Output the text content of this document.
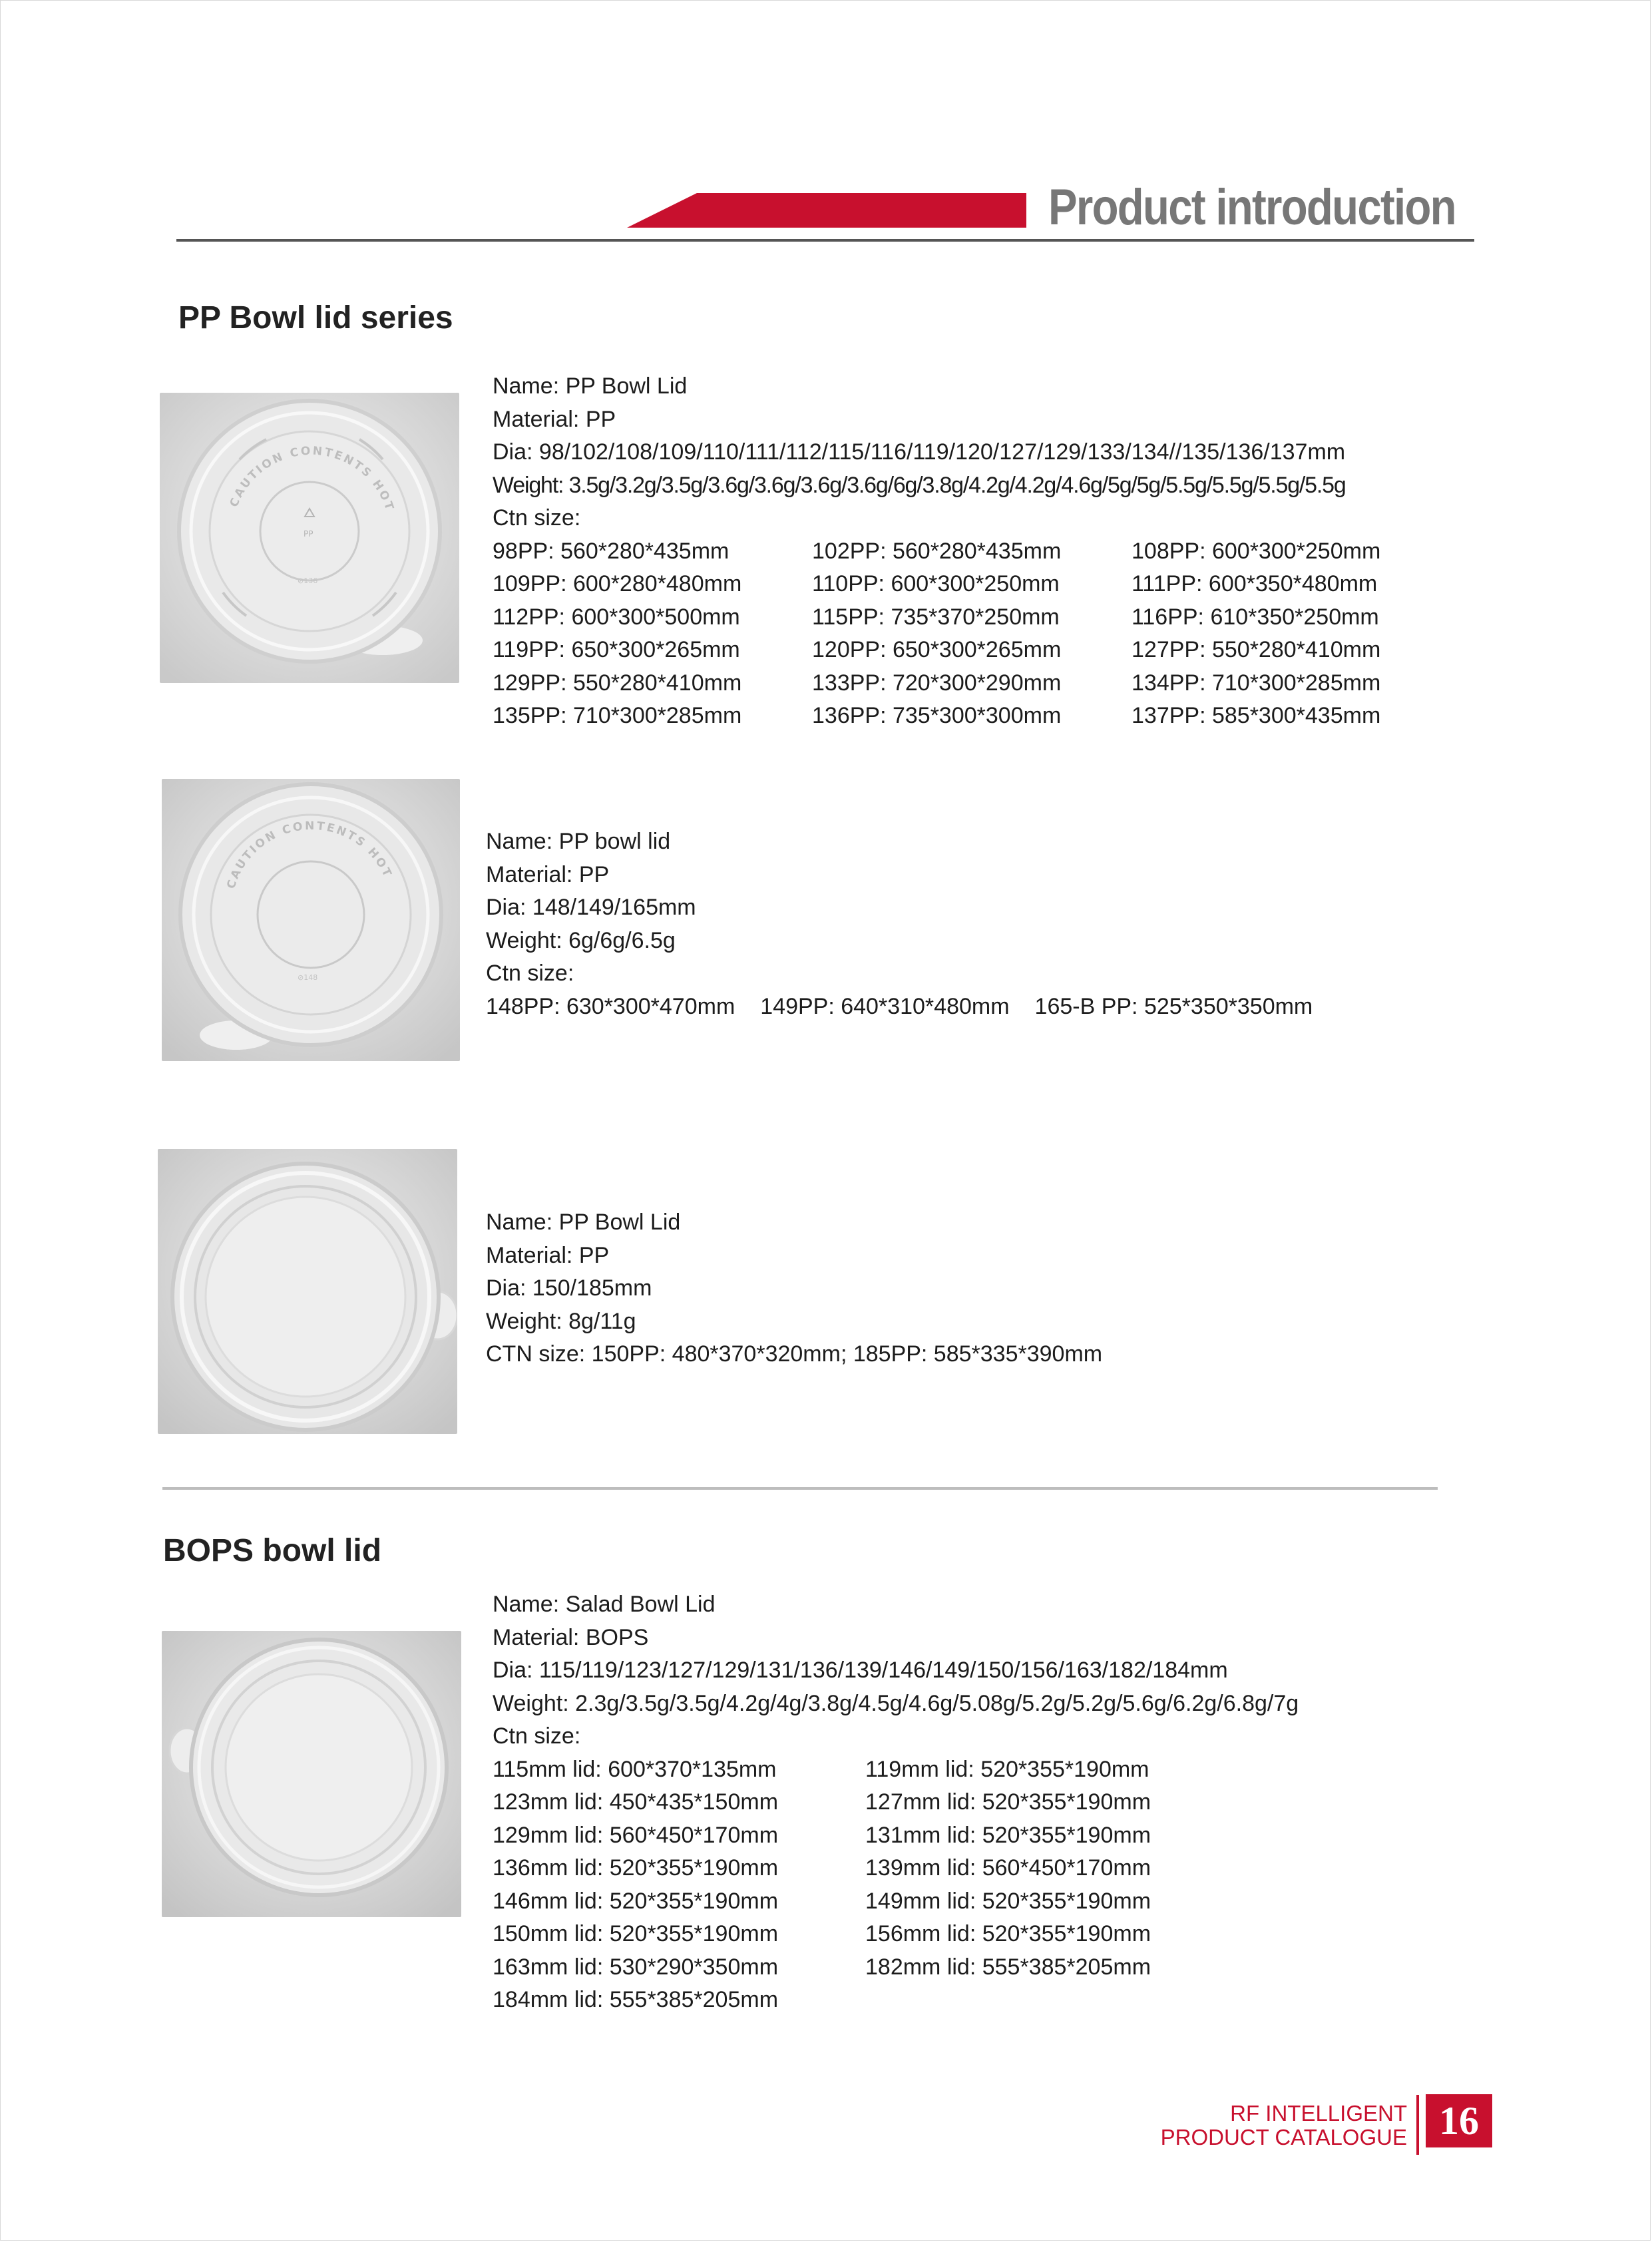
Product introduction
PP Bowl lid series
CAUTION CONTENTS HOT
PP
⊘136
Name: PP Bowl Lid
Material: PP
Dia: 98/102/108/109/110/111/112/115/116/119/120/127/129/133/134//135/136/137mm
Weight: 3.5g/3.2g/3.5g/3.6g/3.6g/3.6g/3.6g/6g/3.8g/4.2g/4.2g/4.6g/5g/5g/5.5g/5.5g/5.5g/5.5g
Ctn size:
98PP: 560*280*435mm	102PP: 560*280*435mm	108PP: 600*300*250mm
109PP: 600*280*480mm	110PP: 600*300*250mm	111PP: 600*350*480mm
112PP: 600*300*500mm	115PP: 735*370*250mm	116PP: 610*350*250mm
119PP: 650*300*265mm	120PP: 650*300*265mm	127PP: 550*280*410mm
129PP: 550*280*410mm	133PP: 720*300*290mm	134PP: 710*300*285mm
135PP: 710*300*285mm	136PP: 735*300*300mm	137PP: 585*300*435mm
CAUTION CONTENTS HOT
⊘148
Name: PP bowl lid
Material: PP
Dia: 148/149/165mm
Weight: 6g/6g/6.5g
Ctn size:
148PP: 630*300*470mm 149PP: 640*310*480mm 165-B PP: 525*350*350mm
Name: PP Bowl Lid
Material: PP
Dia: 150/185mm
Weight: 8g/11g
CTN size: 150PP: 480*370*320mm; 185PP: 585*335*390mm
BOPS bowl lid
Name: Salad Bowl Lid
Material: BOPS
Dia: 115/119/123/127/129/131/136/139/146/149/150/156/163/182/184mm
Weight: 2.3g/3.5g/3.5g/4.2g/4g/3.8g/4.5g/4.6g/5.08g/5.2g/5.2g/5.6g/6.2g/6.8g/7g
Ctn size:
115mm lid: 600*370*135mm	119mm lid: 520*355*190mm
123mm lid: 450*435*150mm	127mm lid: 520*355*190mm
129mm lid: 560*450*170mm	131mm lid: 520*355*190mm
136mm lid: 520*355*190mm	139mm lid: 560*450*170mm
146mm lid: 520*355*190mm	149mm lid: 520*355*190mm
150mm lid: 520*355*190mm	156mm lid: 520*355*190mm
163mm lid: 530*290*350mm	182mm lid: 555*385*205mm
184mm lid: 555*385*205mm
RF INTELLIGENT
PRODUCT CATALOGUE 16
